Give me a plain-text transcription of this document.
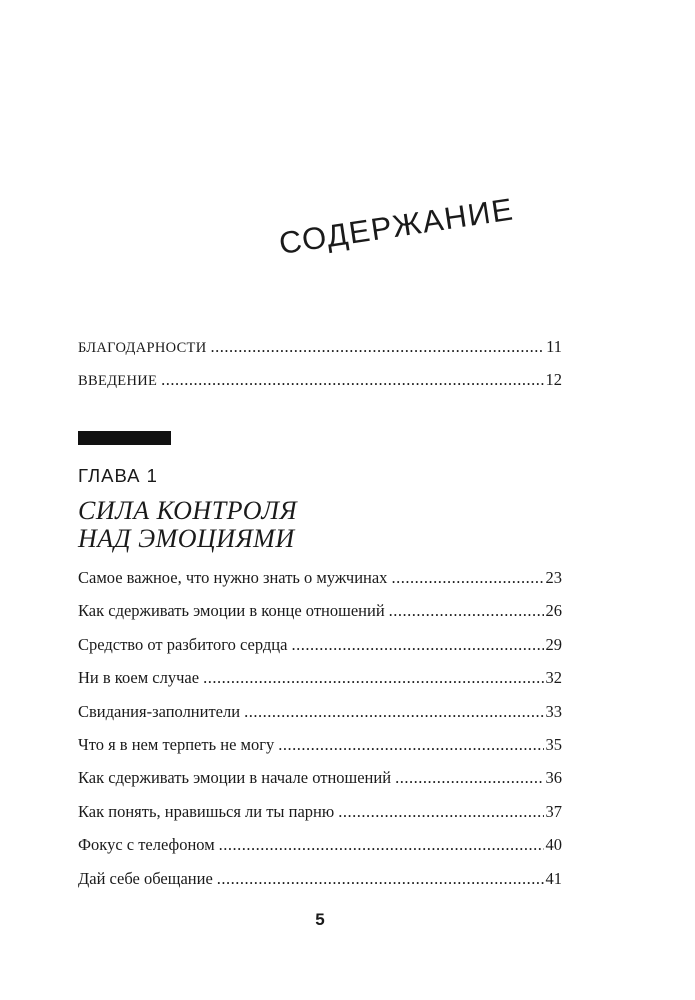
СОДЕРЖАНИЕ
БЛАГОДАРНОСТИ .....	11
ВВЕДЕНИЕ .....	12
ГЛАВА 1
СИЛА КОНТРОЛЯ
НАД ЭМОЦИЯМИ
Самое важное, что нужно знать о мужчинах .....	23
Как сдерживать эмоции в конце отношений .....	26
Средство от разбитого сердца .....	29
Ни в коем случае .....	32
Свидания-заполнители .....	33
Что я в нем терпеть не могу .....	35
Как сдерживать эмоции в начале отношений .....	36
Как понять, нравишься ли ты парню .....	37
Фокус с телефоном .....	40
Дай себе обещание .....	41
5
